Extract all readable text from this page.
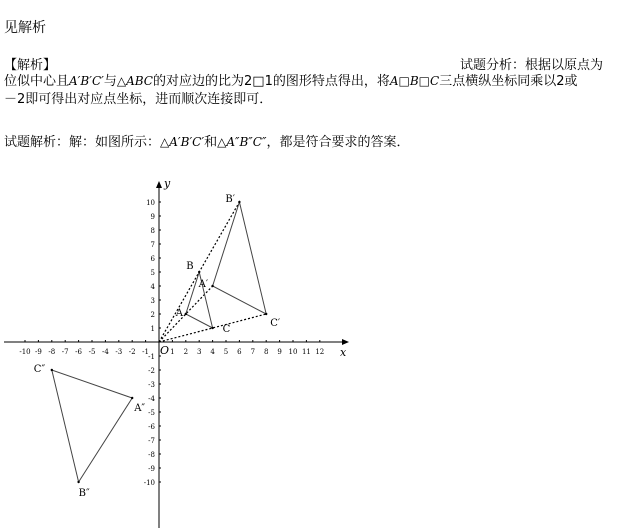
见解析
【解析】	试题分析：根据以原点为
位似中心且A′B′C′与△ABC的对应边的比为2□1的图形特点得出，将A□B□C三点横纵坐标同乘以2或
－2即可得出对应点坐标，进而顺次连接即可．
试题解析：解：如图所示：△A′B′C′和△A″B″C″，都是符合要求的答案．
-10 -9 -8 -7 -6 -5 -4 -3 -2 -1	1 2 3 4 5 6 7 8 9 10 11 12
10
9
8
7
6
5
4
3
2
1
-1
-2
-3
-4
-5
-6
-7
-8
-9
-10
x
y
O
A
B
C
A′
B′
C′
A″
B″
C″
